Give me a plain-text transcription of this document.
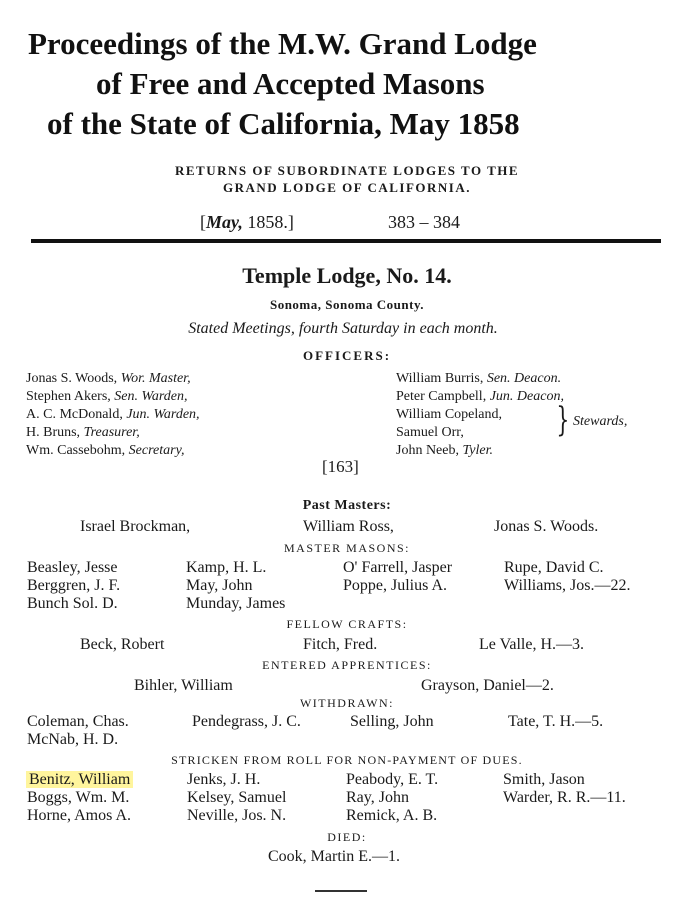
Proceedings of the M.W. Grand Lodge
of Free and Accepted Masons
of the State of California, May 1858
RETURNS OF SUBORDINATE LODGES TO THE
GRAND LODGE OF CALIFORNIA.
[May, 1858.]	383 – 384
Temple Lodge, No. 14.
Sonoma, Sonoma County.
Stated Meetings, fourth Saturday in each month.
OFFICERS:
Jonas S. Woods, Wor. Master,
Stephen Akers, Sen. Warden,
A. C. McDonald, Jun. Warden,
H. Bruns, Treasurer,
Wm. Cassebohm, Secretary,
William Burris, Sen. Deacon.
Peter Campbell, Jun. Deacon,
William Copeland,
Samuel Orr,
John Neeb, Tyler.
} Stewards,
[163]
Past Masters:
Israel Brockman,	William Ross,	Jonas S. Woods.
MASTER MASONS:
Beasley, Jesse	Kamp, H. L.	O' Farrell, Jasper	Rupe, David C.
Berggren, J. F.	May, John	Poppe, Julius A.	Williams, Jos.—22.
Bunch Sol. D.	Munday, James
FELLOW CRAFTS:
Beck, Robert	Fitch, Fred.	Le Valle, H.—3.
ENTERED APPRENTICES:
Bihler, William	Grayson, Daniel—2.
WITHDRAWN:
Coleman, Chas.	Pendegrass, J. C.	Selling, John	Tate, T. H.—5.
McNab, H. D.
STRICKEN FROM ROLL FOR NON-PAYMENT OF DUES.
Benitz, William	Jenks, J. H.	Peabody, E. T.	Smith, Jason
Boggs, Wm. M.	Kelsey, Samuel	Ray, John	Warder, R. R.—11.
Horne, Amos A.	Neville, Jos. N.	Remick, A. B.
DIED:
Cook, Martin E.—1.
